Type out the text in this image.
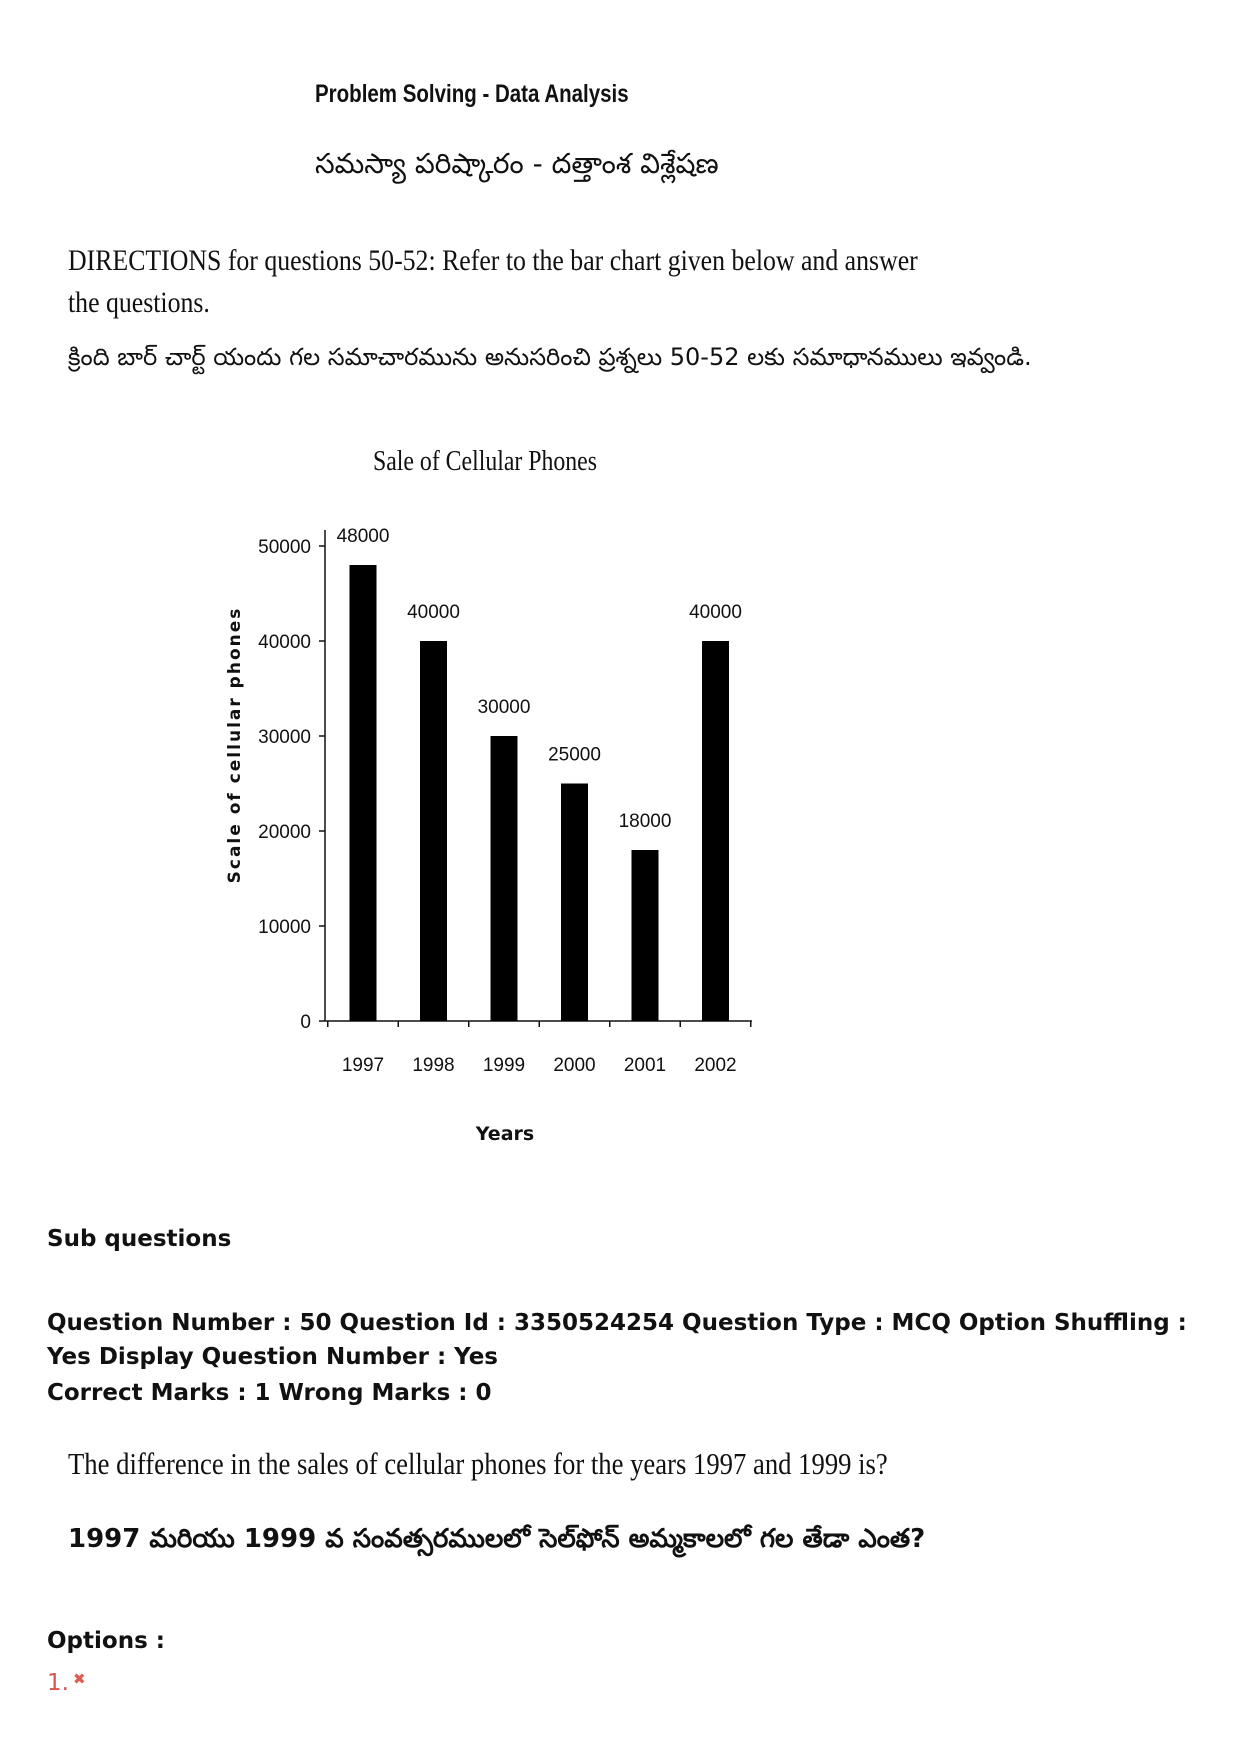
Problem Solving - Data Analysis
సమస్యా పరిష్కారం - దత్తాంశ విశ్లేషణ
DIRECTIONS for questions 50-52: Refer to the bar chart given below and answer the questions.
క్రింది బార్ చార్ట్ యందు గల సమాచారమును అనుసరించి ప్రశ్నలు 50-52 లకు సమాధానములు ఇవ్వండి.
Sale of Cellular Phones
Scale of cellular phones
Years
0
10000
20000
30000
40000
50000
48000
1997
40000
1998
30000
1999
25000
2000
18000
2001
40000
2002
Sub questions
Question Number : 50 Question Id : 3350524254 Question Type : MCQ Option Shuffling : Yes Display Question Number : Yes
Correct Marks : 1 Wrong Marks : 0
The difference in the sales of cellular phones for the years 1997 and 1999 is?
1997 మరియు 1999 వ సంవత్సరములలో సెల్‌ఫోన్ అమ్మకాలలో గల తేడా ఎంత?
Options :
1. ✖
